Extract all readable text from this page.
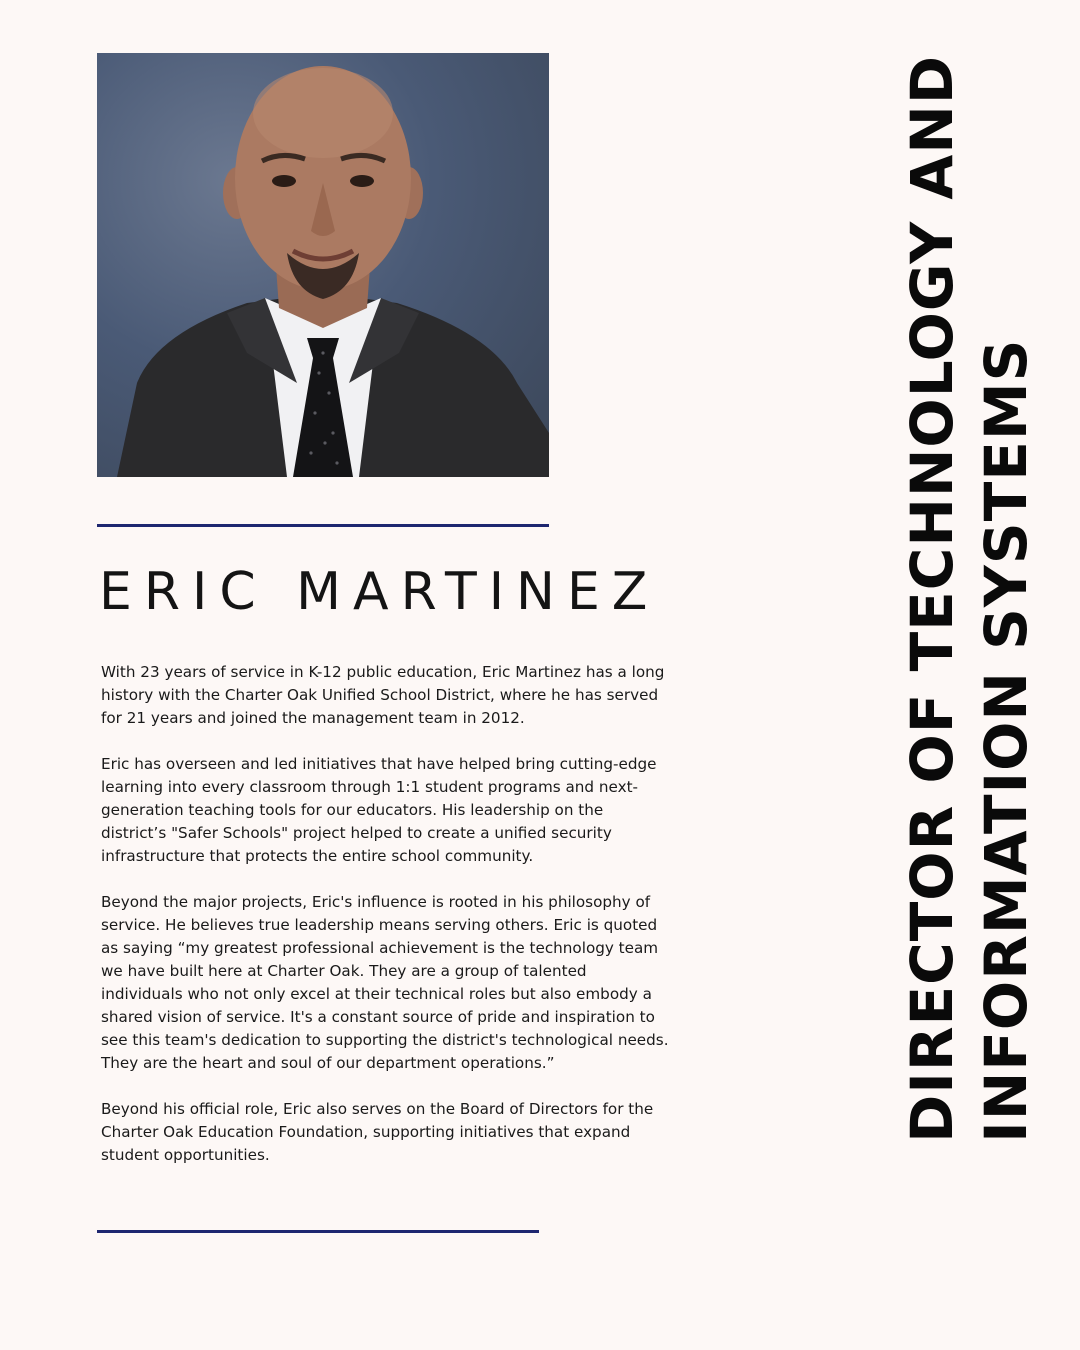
ERIC MARTINEZ

With 23 years of service in K-12 public education, Eric Martinez has a long history with the Charter Oak Unified School District, where he has served for 21 years and joined the management team in 2012.

Eric has overseen and led initiatives that have helped bring cutting-edge learning into every classroom through 1:1 student programs and next-generation teaching tools for our educators. His leadership on the district’s "Safer Schools" project helped to create a unified security infrastructure that protects the entire school community.

Beyond the major projects, Eric's influence is rooted in his philosophy of service. He believes true leadership means serving others. Eric is quoted as saying “my greatest professional achievement is the technology team we have built here at Charter Oak. They are a group of talented individuals who not only excel at their technical roles but also embody a shared vision of service. It's a constant source of pride and inspiration to see this team's dedication to supporting the district's technological needs. They are the heart and soul of our department operations.”

Beyond his official role, Eric also serves on the Board of Directors for the Charter Oak Education Foundation, supporting initiatives that expand student opportunities.

DIRECTOR OF TECHNOLOGY AND INFORMATION SYSTEMS
